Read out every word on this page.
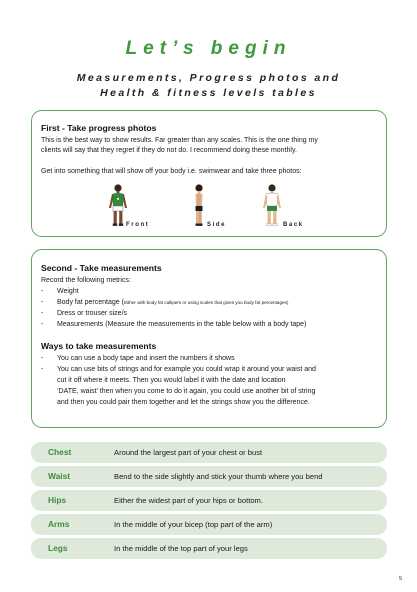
Let’s begin
Measurements, Progress photos and
Health & fitness levels tables
First - Take progress photos
This is the best way to show results. Far greater than any scales. This is the one thing my
clients will say that they regret if they do not do. I recommend doing these monthly.
Get into something that will show off your body i.e. swimwear and take three photos:
Front	Side	Back
Second - Take measurements
Record the following metrics:
- Weight
- Body fat percentage (Either with body fat callipers or using scales that gives you body fat percentages)
- Dress or trouser size/s
- Measurements (Measure the measurements in the table below with a body tape)
Ways to take measurements
- You can use a body tape and insert the numbers it shows
- You can use bits of strings and for example you could wrap it around your waist and
cut it off where it meets. Then you would label it with the date and location
‘DATE, waist’ then when you come to do it again, you could use another bit of string
and then you could pair them together and let the strings show you the difference.
Chest	Around the largest part of your chest or bust
Waist	Bend to the side slightly and stick your thumb where you bend
Hips	Either the widest part of your hips or bottom.
Arms	In the middle of your bicep (top part of the arm)
Legs	In the middle of the top part of your legs
5
